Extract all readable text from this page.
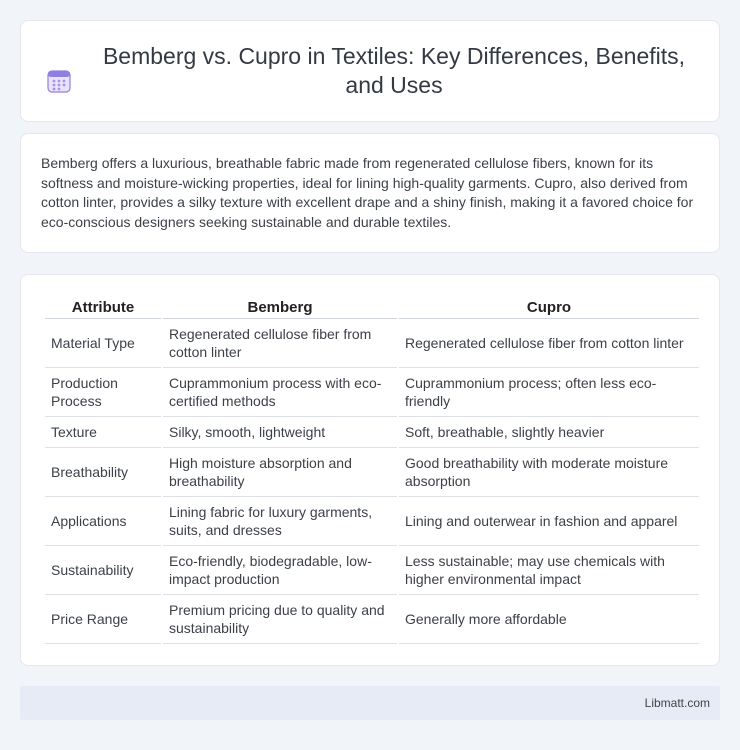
Bemberg vs. Cupro in Textiles: Key Differences, Benefits, and Uses

Bemberg offers a luxurious, breathable fabric made from regenerated cellulose fibers, known for its softness and moisture-wicking properties, ideal for lining high-quality garments. Cupro, also derived from cotton linter, provides a silky texture with excellent drape and a shiny finish, making it a favored choice for eco-conscious designers seeking sustainable and durable textiles.

Attribute	Bemberg	Cupro
Material Type	Regenerated cellulose fiber from cotton linter	Regenerated cellulose fiber from cotton linter
Production Process	Cuprammonium process with eco-certified methods	Cuprammonium process; often less eco-friendly
Texture	Silky, smooth, lightweight	Soft, breathable, slightly heavier
Breathability	High moisture absorption and breathability	Good breathability with moderate moisture absorption
Applications	Lining fabric for luxury garments, suits, and dresses	Lining and outerwear in fashion and apparel
Sustainability	Eco-friendly, biodegradable, low-impact production	Less sustainable; may use chemicals with higher environmental impact
Price Range	Premium pricing due to quality and sustainability	Generally more affordable
Libmatt.com
